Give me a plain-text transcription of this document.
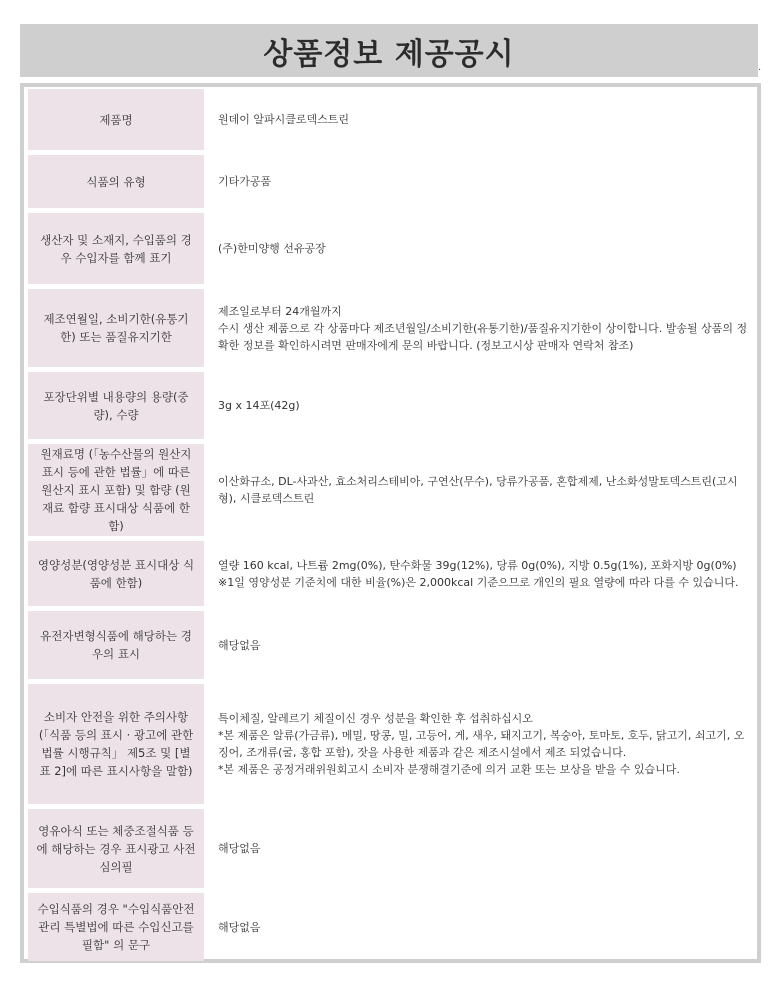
상품정보 제공공시	.
제품명	원데이 알파시클로덱스트린

식품의 유형	기타가공품

생산자 및 소재지, 수입품의 경우 수입자를 함께 표기	(주)한미양행 선유공장

제조연월일, 소비기한(유통기한) 또는 품질유지기한	제조일로부터 24개월까지
수시 생산 제품으로 각 상품마다 제조년월일/소비기한(유통기한)/품질유지기한이 상이합니다. 발송될 상품의 정확한 정보를 확인하시려면 판매자에게 문의 바랍니다. (정보고시상 판매자 연락처 참조)

포장단위별 내용량의 용량(중량), 수량	3g x 14포(42g)

원재료명 (「농수산물의 원산지 표시 등에 관한 법률」에 따른 원산지 표시 포함) 및 함량 (원재료 함량 표시대상 식품에 한함)	이산화규소, DL-사과산, 효소처리스테비아, 구연산(무수), 당류가공품, 혼합제제, 난소화성말토덱스트린(고시형), 시클로덱스트린

영양성분(영양성분 표시대상 식품에 한함)	열량 160 kcal, 나트륨 2mg(0%), 탄수화물 39g(12%), 당류 0g(0%), 지방 0.5g(1%), 포화지방 0g(0%)
※1일 영양성분 기준치에 대한 비율(%)은 2,000kcal 기준으므로 개인의 필요 열량에 따라 다를 수 있습니다.

유전자변형식품에 해당하는 경우의 표시	해당없음

소비자 안전을 위한 주의사항 (「식품 등의 표시 · 광고에 관한 법률 시행규칙」 제5조 및 [별표 2]에 따른 표시사항을 말함)	특이체질, 알레르기 체질이신 경우 성분을 확인한 후 섭취하십시오
*본 제품은 알류(가금류), 메밀, 땅콩, 밀, 고등어, 게, 새우, 돼지고기, 복숭아, 토마토, 호두, 닭고기, 쇠고기, 오징어, 조개류(굴, 홍합 포함), 잣을 사용한 제품과 같은 제조시설에서 제조 되었습니다.
*본 제품은 공정거래위원회고시 소비자 분쟁해결기준에 의거 교환 또는 보상을 받을 수 있습니다.

영유아식 또는 체중조절식품 등에 해당하는 경우 표시광고 사전심의필	해당없음

수입식품의 경우 "수입식품안전관리 특별법에 따른 수입신고를 필함" 의 문구	해당없음
